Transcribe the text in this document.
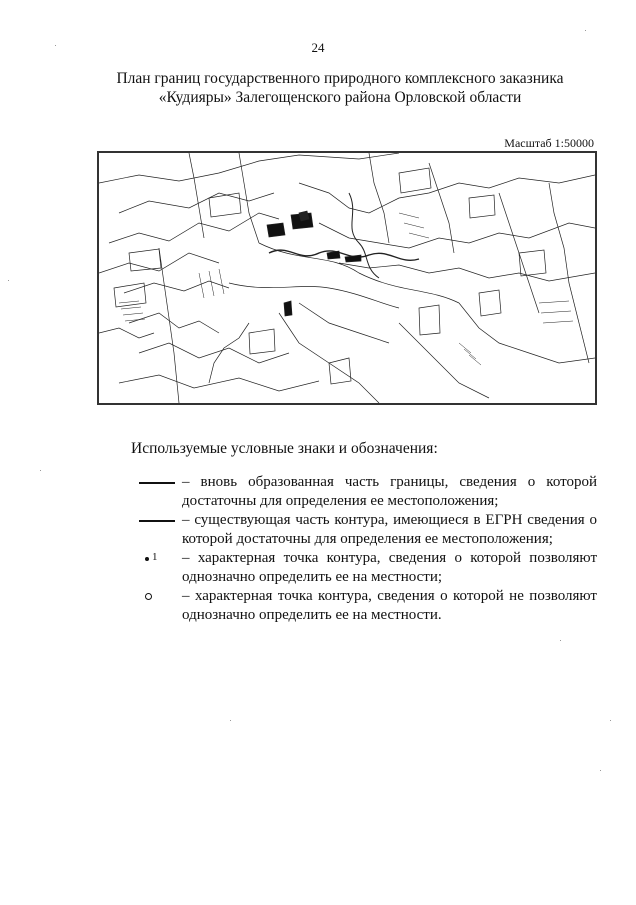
24
План границ государственного природного комплексного заказника
«Кудияры» Залегощенского района Орловской области
Масштаб 1:50000
Используемые условные знаки и обозначения:
– вновь образованная часть границы, сведения о которой достаточны для определения ее местоположения;
– существующая часть контура, имеющиеся в ЕГРН сведения о которой достаточны для определения ее местоположения;
1 – характерная точка контура, сведения о которой позволяют однозначно определить ее на местности;
– характерная точка контура, сведения о которой не позволяют однозначно определить ее на местности.
